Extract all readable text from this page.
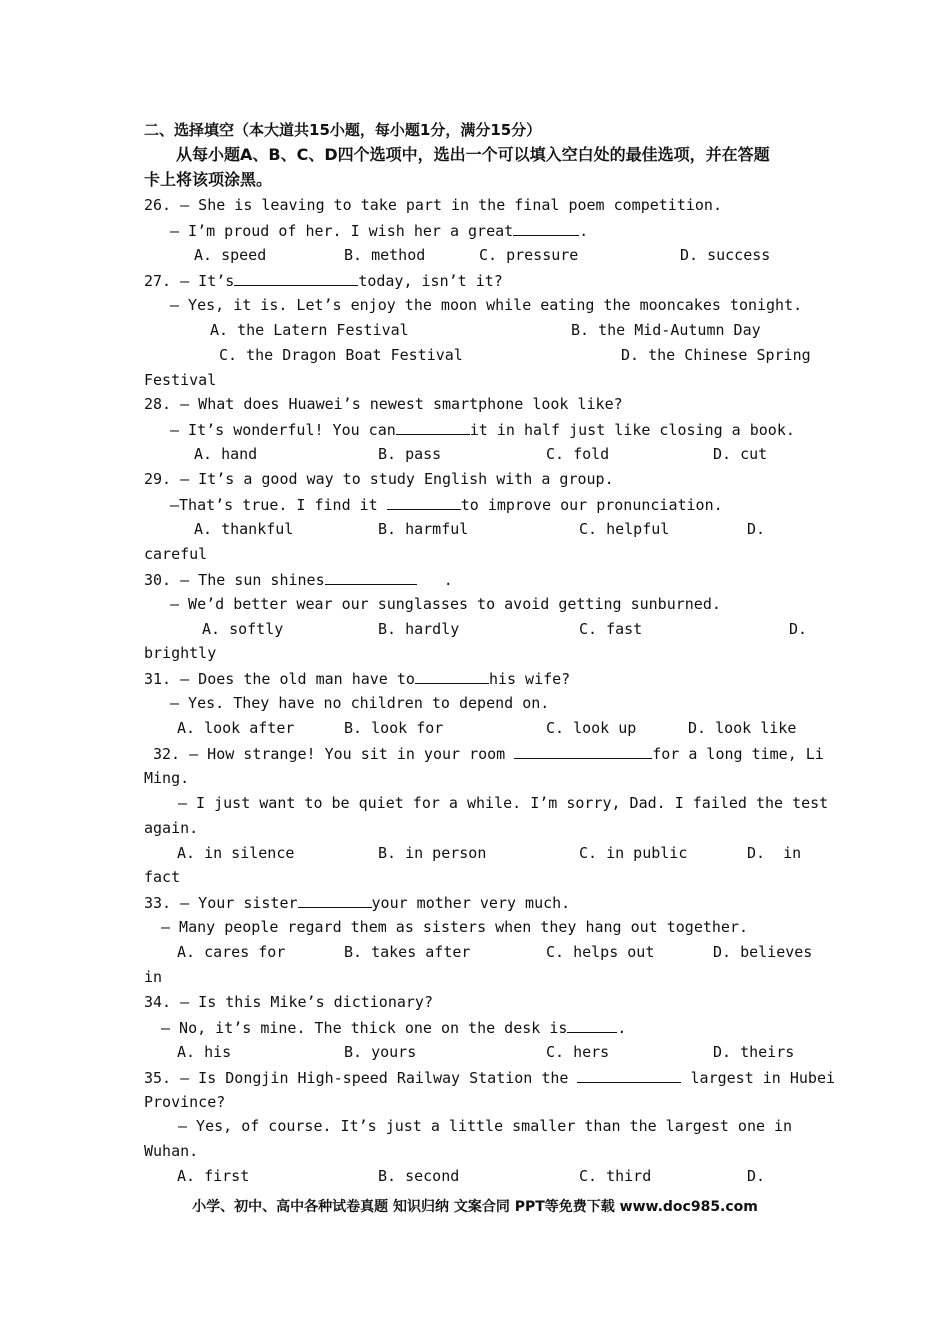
二、选择填空（本大道共15小题，每小题1分，满分15分）
从每小题A、B、C、D四个选项中，选出一个可以填入空白处的最佳选项，并在答题
卡上将该项涂黑。
26. — She is leaving to take part in the final poem competition.
— I’m proud of her. I wish her a great	.
A. speed	B. method	C. pressure	D. success
27. — It’s	today, isn’t it?
— Yes, it is. Let’s enjoy the moon while eating the mooncakes tonight.
A. the Latern Festival	B. the Mid-Autumn Day
C. the Dragon Boat Festival	D. the Chinese Spring
Festival
28. — What does Huawei’s newest smartphone look like?
— It’s wonderful! You can	it in half just like closing a book.
A. hand	B. pass	C. fold	D. cut
29. — It’s a good way to study English with a group.
—That’s true. I find it	to improve our pronunciation.
A. thankful	B. harmful	C. helpful	D.
careful
30. — The sun shines	.
— We’d better wear our sunglasses to avoid getting sunburned.
A. softly	B. hardly	C. fast	D.
brightly
31. — Does the old man have to	his wife?
— Yes. They have no children to depend on.
A. look after	B. look for	C. look up	D. look like
32. — How strange! You sit in your room	for a long time, Li
Ming.
— I just want to be quiet for a while. I’m sorry, Dad. I failed the test
again.
A. in silence	B. in person	C. in public	D.  in
fact
33. — Your sister	your mother very much.
— Many people regard them as sisters when they hang out together.
A. cares for	B. takes after	C. helps out	D. believes
in
34. — Is this Mike’s dictionary?
— No, it’s mine. The thick one on the desk is	.
A. his	B. yours	C. hers	D. theirs
35. — Is Dongjin High-speed Railway Station the	largest in Hubei
Province?
— Yes, of course. It’s just a little smaller than the largest one in
Wuhan.
A. first	B. second	C. third	D.
小学、初中、高中各种试卷真题 知识归纳 文案合同 PPT等免费下载 www.doc985.com
